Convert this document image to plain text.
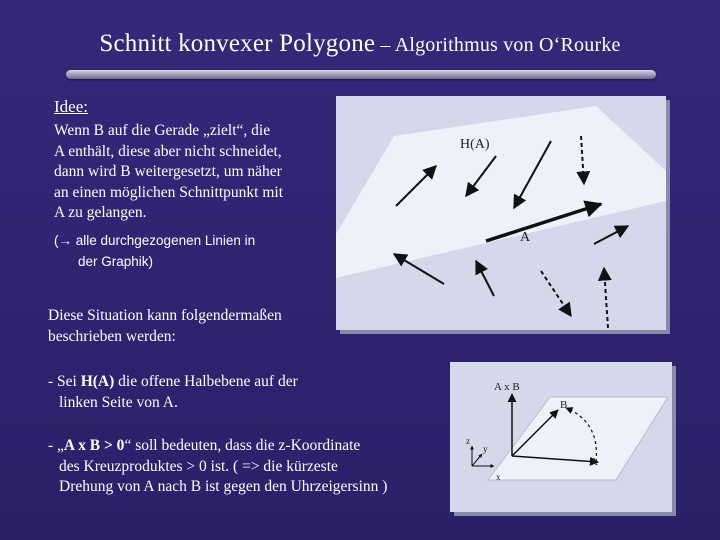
Schnitt konvexer Polygone – Algorithmus von O‘Rourke
Idee:
Wenn B auf die Gerade „zielt“, die
A enthält, diese aber nicht schneidet,
dann wird B weitergesetzt, um näher
an einen möglichen Schnittpunkt mit
A zu gelangen.
(→ alle durchgezogenen Linien in
der Graphik)
H(A)
A
Diese Situation kann folgendermaßen
beschrieben werden:
- Sei H(A) die offene Halbebene auf der
linken Seite von A.
- „A x B > 0“ soll bedeuten, dass die z-Koordinate
des Kreuzproduktes > 0 ist. ( => die kürzeste
Drehung von A nach B ist gegen den Uhrzeigersinn )
A x B
B
A
z
y
x
